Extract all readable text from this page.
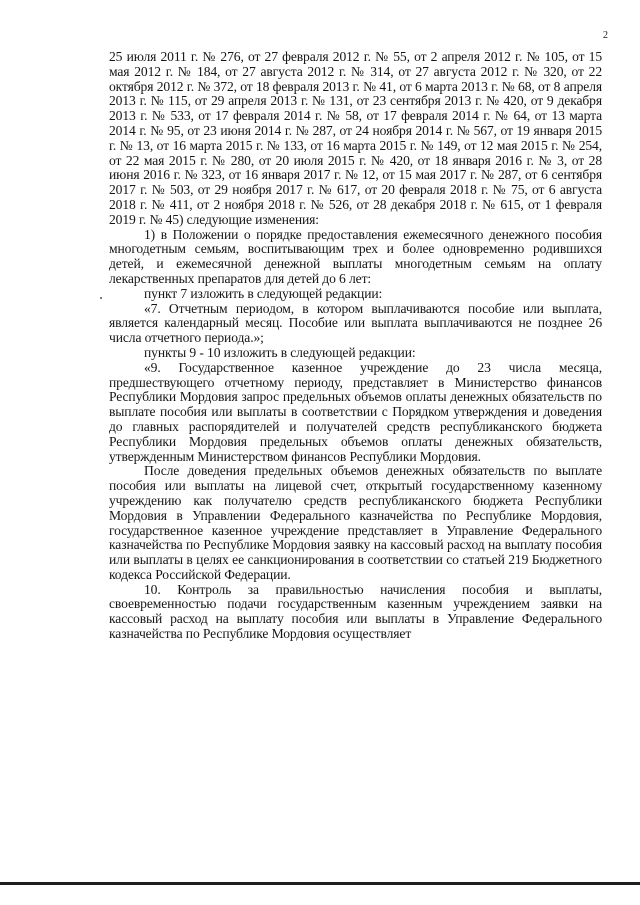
2

25 июля 2011 г. № 276, от 27 февраля 2012 г. № 55, от 2 апреля 2012 г. № 105, от 15 мая 2012 г. № 184, от 27 августа 2012 г. № 314, от 27 августа 2012 г. № 320, от 22 октября 2012 г. № 372, от 18 февраля 2013 г. № 41, от 6 марта 2013 г. № 68, от 8 апреля 2013 г. № 115, от 29 апреля 2013 г. № 131, от 23 сентября 2013 г. № 420, от 9 декабря 2013 г. № 533, от 17 февраля 2014 г. № 58, от 17 февраля 2014 г. № 64, от 13 марта 2014 г. № 95, от 23 июня 2014 г. № 287, от 24 ноября 2014 г. № 567, от 19 января 2015 г. № 13, от 16 марта 2015 г. № 133, от 16 марта 2015 г. № 149, от 12 мая 2015 г. № 254, от 22 мая 2015 г. № 280, от 20 июля 2015 г. № 420, от 18 января 2016 г. № 3, от 28 июня 2016 г. № 323, от 16 января 2017 г. № 12, от 15 мая 2017 г. № 287, от 6 сентября 2017 г. № 503, от 29 ноября 2017 г. № 617, от 20 февраля 2018 г. № 75, от 6 августа 2018 г. № 411, от 2 ноября 2018 г. № 526, от 28 декабря 2018 г. № 615, от 1 февраля 2019 г. № 45) следующие изменения:

1) в Положении о порядке предоставления ежемесячного денежного пособия многодетным семьям, воспитывающим трех и более одновременно родившихся детей, и ежемесячной денежной выплаты многодетным семьям на оплату лекарственных препаратов для детей до 6 лет:

пункт 7 изложить в следующей редакции:

«7. Отчетным периодом, в котором выплачиваются пособие или выплата, является календарный месяц. Пособие или выплата выплачиваются не позднее 26 числа отчетного периода.»;

пункты 9 - 10 изложить в следующей редакции:

«9. Государственное казенное учреждение до 23 числа месяца, предшествующего отчетному периоду, представляет в Министерство финансов Республики Мордовия запрос предельных объемов оплаты денежных обязательств по выплате пособия или выплаты в соответствии с Порядком утверждения и доведения до главных распорядителей и получателей средств республиканского бюджета Республики Мордовия предельных объемов оплаты денежных обязательств, утвержденным Министерством финансов Республики Мордовия.

После доведения предельных объемов денежных обязательств по выплате пособия или выплаты на лицевой счет, открытый государственному казенному учреждению как получателю средств республиканского бюджета Республики Мордовия в Управлении Федерального казначейства по Республике Мордовия, государственное казенное учреждение представляет в Управление Федерального казначейства по Республике Мордовия заявку на кассовый расход на выплату пособия или выплаты в целях ее санкционирования в соответствии со статьей 219 Бюджетного кодекса Российской Федерации.

10. Контроль за правильностью начисления пособия и выплаты, своевременностью подачи государственным казенным учреждением заявки на кассовый расход на выплату пособия или выплаты в Управление Федерального казначейства по Республике Мордовия осуществляет
